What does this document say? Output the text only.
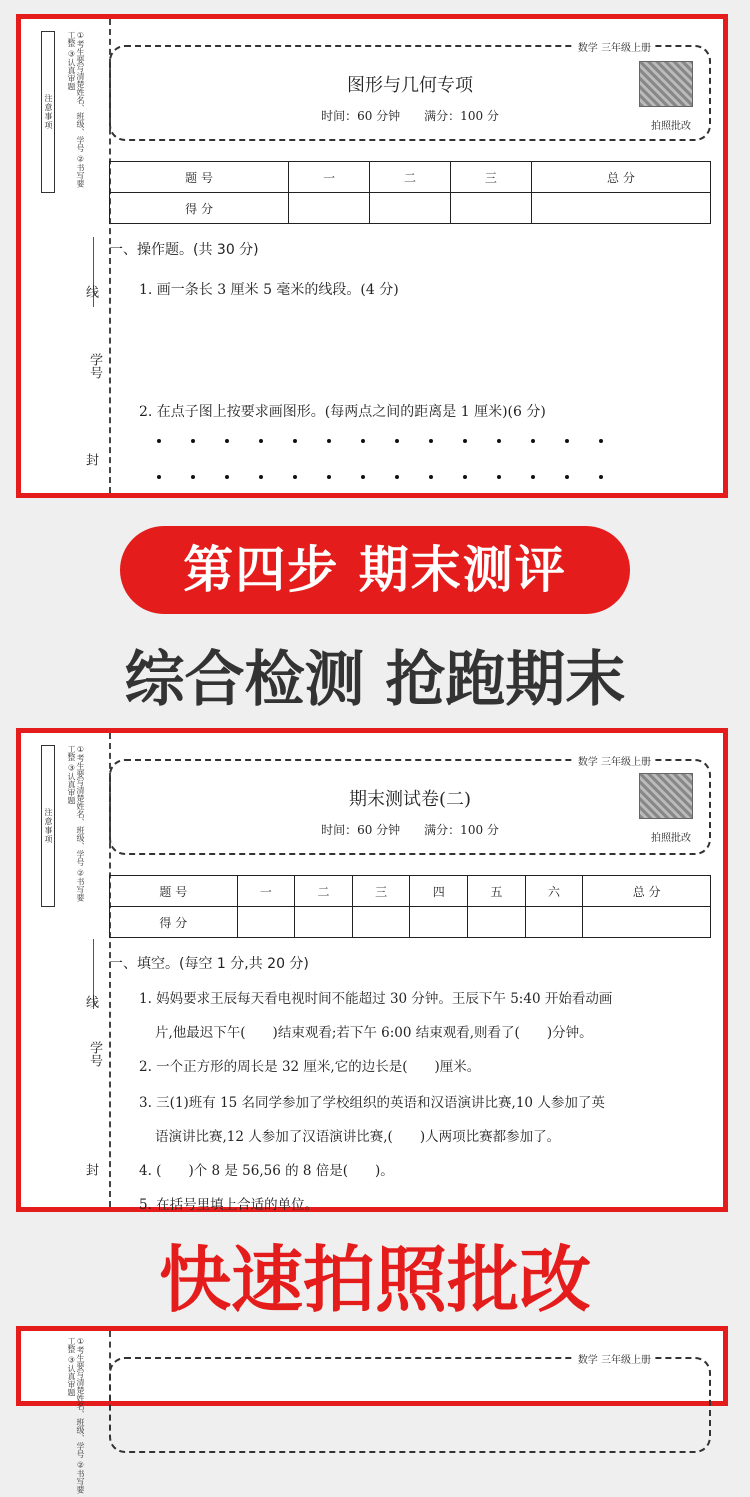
注意事项	①考生要写清楚姓名、班级、学号 ②书写要工整 ③认真审题
学号
线
封
数学 三年级上册
图形与几何专项
时间：60 分钟　　满分：100 分
拍照批改
题 号	一	二	三	总 分
得 分				
一、操作题。(共 30 分)
1. 画一条长 3 厘米 5 毫米的线段。(4 分)
2. 在点子图上按要求画图形。(每两点之间的距离是 1 厘米)(6 分)
第四步 期末测评
综合检测 抢跑期末
注意事项	①考生要写清楚姓名、班级、学号 ②书写要工整 ③认真审题
学号
线
封
数学 三年级上册
期末测试卷(二)
时间：60 分钟　　满分：100 分
拍照批改
题 号	一	二	三	四	五	六	总 分
得 分							
一、填空。(每空 1 分,共 20 分)
1. 妈妈要求王辰每天看电视时间不能超过 30 分钟。王辰下午 5:40 开始看动画
片,他最迟下午(　　)结束观看;若下午 6:00 结束观看,则看了(　　)分钟。
2. 一个正方形的周长是 32 厘米,它的边长是(　　)厘米。
3. 三(1)班有 15 名同学参加了学校组织的英语和汉语演讲比赛,10 人参加了英
语演讲比赛,12 人参加了汉语演讲比赛,(　　)人两项比赛都参加了。
4. (　　)个 8 是 56,56 的 8 倍是(　　)。
5. 在括号里填上合适的单位。
快速拍照批改
①考生要写清楚姓名、班级、学号 ②书写要工整 ③认真审题	数学 三年级上册
